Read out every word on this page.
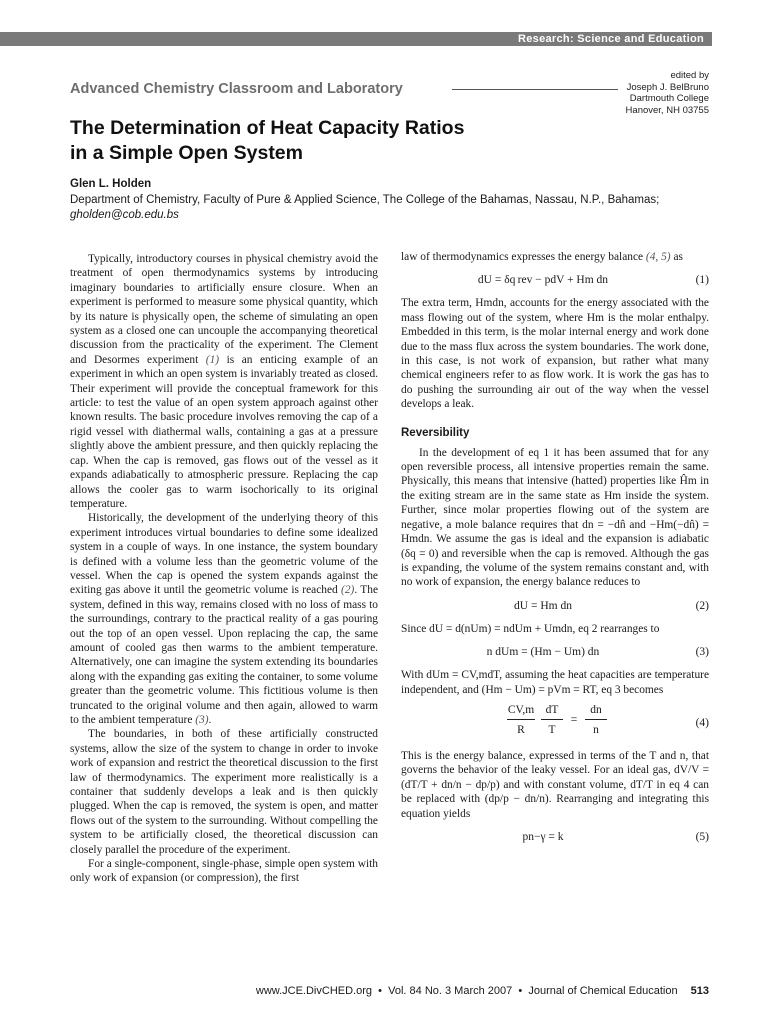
Research: Science and Education
Advanced Chemistry Classroom and Laboratory
edited by
Joseph J. BelBruno
Dartmouth College
Hanover, NH 03755
The Determination of Heat Capacity Ratios
in a Simple Open System
Glen L. Holden
Department of Chemistry, Faculty of Pure & Applied Science, The College of the Bahamas, Nassau, N.P., Bahamas; gholden@cob.edu.bs

Typically, introductory courses in physical chemistry avoid the treatment of open thermodynamics systems by introducing imaginary boundaries to artificially ensure closure. When an experiment is performed to measure some physical quantity, which by its nature is physically open, the scheme of simulating an open system as a closed one can uncouple the accompanying theoretical discussion from the practicality of the experiment. The Clement and Desormes experiment (1) is an enticing example of an experiment in which an open system is invariably treated as closed. Their experiment will provide the conceptual framework for this article: to test the value of an open system approach against other known results. The basic procedure involves removing the cap of a rigid vessel with diathermal walls, containing a gas at a pressure slightly above the ambient pressure, and then quickly replacing the cap. When the cap is removed, gas flows out of the vessel as it expands adiabatically to atmospheric pressure. Replacing the cap allows the cooler gas to warm isochorically to its original temperature.

Historically, the development of the underlying theory of this experiment introduces virtual boundaries to define some idealized system in a couple of ways. In one instance, the system boundary is defined with a volume less than the geometric volume of the vessel. When the cap is opened the system expands against the exiting gas above it until the geometric volume is reached (2). The system, defined in this way, remains closed with no loss of mass to the surroundings, contrary to the practical reality of a gas pouring out the top of an open vessel. Upon replacing the cap, the same amount of cooled gas then warms to the ambient temperature. Alternatively, one can imagine the system extending its boundaries along with the expanding gas exiting the container, to some volume greater than the geometric volume. This fictitious volume is then truncated to the original volume and then again, allowed to warm to the ambient temperature (3).

The boundaries, in both of these artificially constructed systems, allow the size of the system to change in order to invoke work of expansion and restrict the theoretical discussion to the first law of thermodynamics. The experiment more realistically is a container that suddenly develops a leak and is then quickly plugged. When the cap is removed, the system is open, and matter flows out of the system to the surrounding. Without compelling the system to be artificially closed, the theoretical discussion can closely parallel the procedure of the experiment.

For a single-component, single-phase, simple open system with only work of expansion (or compression), the first

law of thermodynamics expresses the energy balance (4, 5) as

dU = δq rev − pdV + Hm dn	(1)

The extra term, Hmdn, accounts for the energy associated with the mass flowing out of the system, where Hm is the molar enthalpy. Embedded in this term, is the molar internal energy and work done due to the mass flux across the system boundaries. The work done, in this case, is not work of expansion, but rather what many chemical engineers refer to as flow work. It is work the gas has to do pushing the surrounding air out of the way when the vessel develops a leak.

Reversibility

In the development of eq 1 it has been assumed that for any open reversible process, all intensive properties remain the same. Physically, this means that intensive (hatted) properties like Ĥm in the exiting stream are in the same state as Hm inside the system. Further, since molar properties flowing out of the system are negative, a mole balance requires that dn = −dn̂ and −Hm(−dn̂) = Hmdn. We assume the gas is ideal and the expansion is adiabatic (δq = 0) and reversible when the cap is removed. Although the gas is expanding, the volume of the system remains constant and, with no work of expansion, the energy balance reduces to

dU = Hm dn	(2)

Since dU = d(nUm) = ndUm + Umdn, eq 2 rearranges to

n dUm = (Hm − Um) dn	(3)

With dUm = CV,mdT, assuming the heat capacities are temperature independent, and (Hm − Um) = pVm = RT, eq 3 becomes

CV,m
R
dT
T
=
dn
n
(4)

This is the energy balance, expressed in terms of the T and n, that governs the behavior of the leaky vessel. For an ideal gas, dV/V = (dT/T + dn/n − dp/p) and with constant volume, dT/T in eq 4 can be replaced with (dp/p − dn/n). Rearranging and integrating this equation yields

pn−γ = k	(5)
www.JCE.DivCHED.org • Vol. 84 No. 3 March 2007 • Journal of Chemical Education 513
